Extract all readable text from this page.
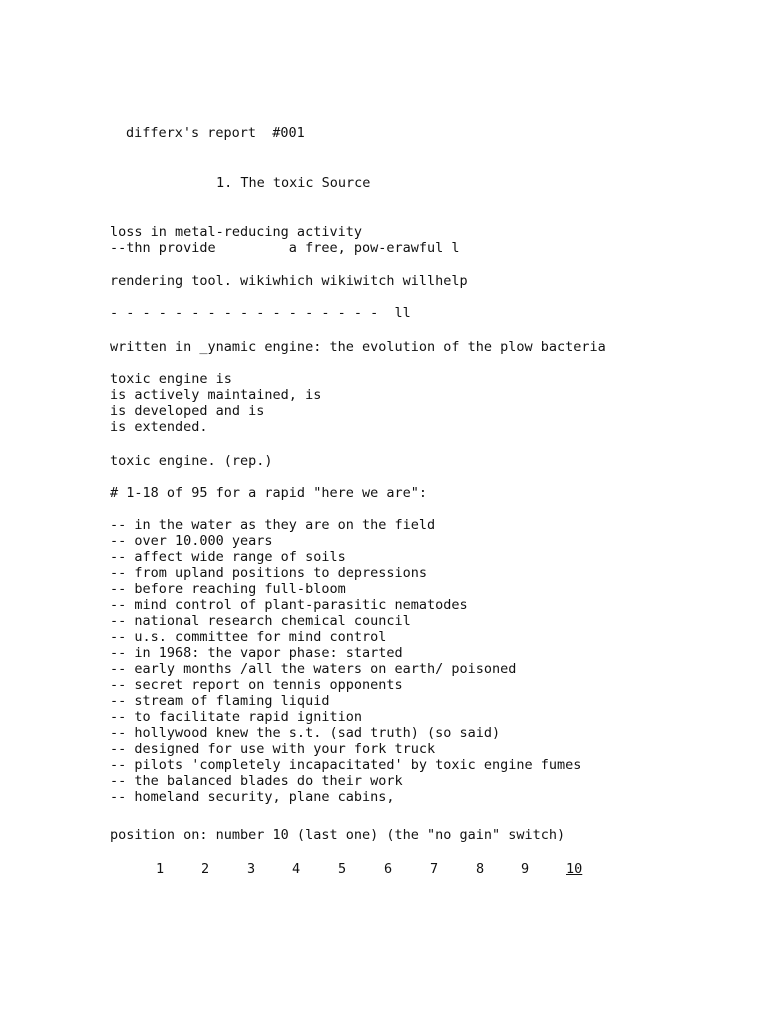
differx's report  #001
1. The toxic Source
loss in metal-reducing activity
--thn provide         a free, pow-erawful l
rendering tool. wikiwhich wikiwitch willhelp
- - - - - - - - - - - - - - - - -  ll
written in _ynamic engine: the evolution of the plow bacteria
toxic engine is
is actively maintained, is
is developed and is
is extended.
toxic engine. (rep.)
# 1-18 of 95 for a rapid "here we are":
-- in the water as they are on the field
-- over 10.000 years
-- affect wide range of soils
-- from upland positions to depressions
-- before reaching full-bloom
-- mind control of plant-parasitic nematodes
-- national research chemical council
-- u.s. committee for mind control
-- in 1968: the vapor phase: started
-- early months /all the waters on earth/ poisoned
-- secret report on tennis opponents
-- stream of flaming liquid
-- to facilitate rapid ignition
-- hollywood knew the s.t. (sad truth) (so said)
-- designed for use with your fork truck
-- pilots 'completely incapacitated' by toxic engine fumes
-- the balanced blades do their work
-- homeland security, plane cabins,
position on: number 10 (last one) (the "no gain" switch)
1	2	3	4	5	6	7	8	9	10
